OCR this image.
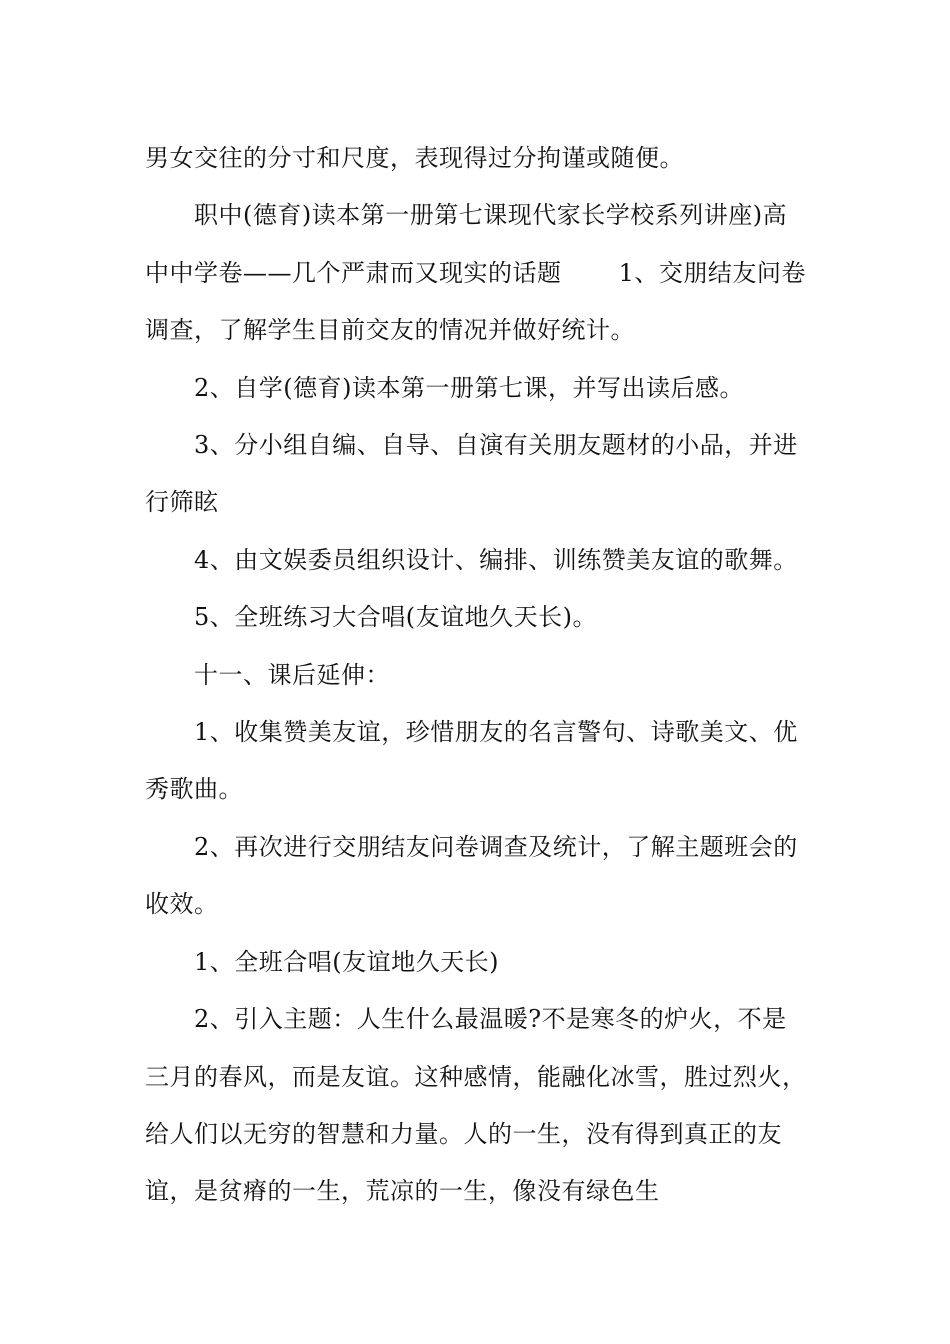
男女交往的分寸和尺度，表现得过分拘谨或随便。

职中(德育)读本第一册第七课现代家长学校系列讲座)高中中学卷——几个严肃而又现实的话题　　 1、交朋结友问卷调查，了解学生目前交友的情况并做好统计。

2、自学(德育)读本第一册第七课，并写出读后感。

3、分小组自编、自导、自演有关朋友题材的小品，并进行筛眩

4、由文娱委员组织设计、编排、训练赞美友谊的歌舞。

5、全班练习大合唱(友谊地久天长)。

十一、课后延伸：

1、收集赞美友谊，珍惜朋友的名言警句、诗歌美文、优秀歌曲。

2、再次进行交朋结友问卷调查及统计，了解主题班会的收效。

1、全班合唱(友谊地久天长)

2、引入主题：人生什么最温暖?不是寒冬的炉火，不是三月的春风，而是友谊。这种感情，能融化冰雪，胜过烈火，给人们以无穷的智慧和力量。人的一生，没有得到真正的友谊，是贫瘠的一生，荒凉的一生，像没有绿色生
